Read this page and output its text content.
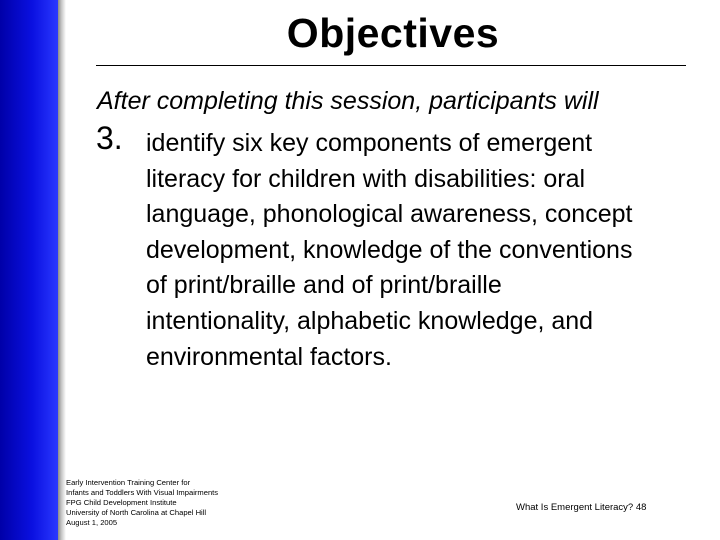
Objectives
After completing this session, participants will
3. identify six key components of emergent
literacy for children with disabilities: oral
language, phonological awareness, concept
development, knowledge of the conventions
of print/braille and of print/braille
intentionality, alphabetic knowledge, and
environmental factors.
Early Intervention Training Center for
Infants and Toddlers With Visual Impairments
FPG Child Development Institute
University of North Carolina at Chapel Hill
August 1, 2005
What Is Emergent Literacy? 48
